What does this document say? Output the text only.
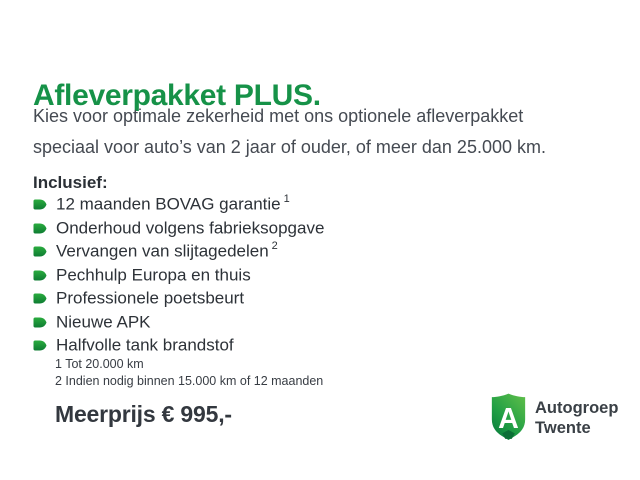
Afleverpakket PLUS.
Kies voor optimale zekerheid met ons optionele afleverpakket
speciaal voor auto’s van 2 jaar of ouder, of meer dan 25.000 km.
Inclusief:
12 maanden BOVAG garantie $^1$
Onderhoud volgens fabrieksopgave
Vervangen van slijtagedelen $^2$
Pechhulp Europa en thuis
Professionele poetsbeurt
Nieuwe APK
Halfvolle tank brandstof
1 Tot 20.000 km
2 Indien nodig binnen 15.000 km of 12 maanden
Meerprijs € 995,-	A Autogroep
Twente
